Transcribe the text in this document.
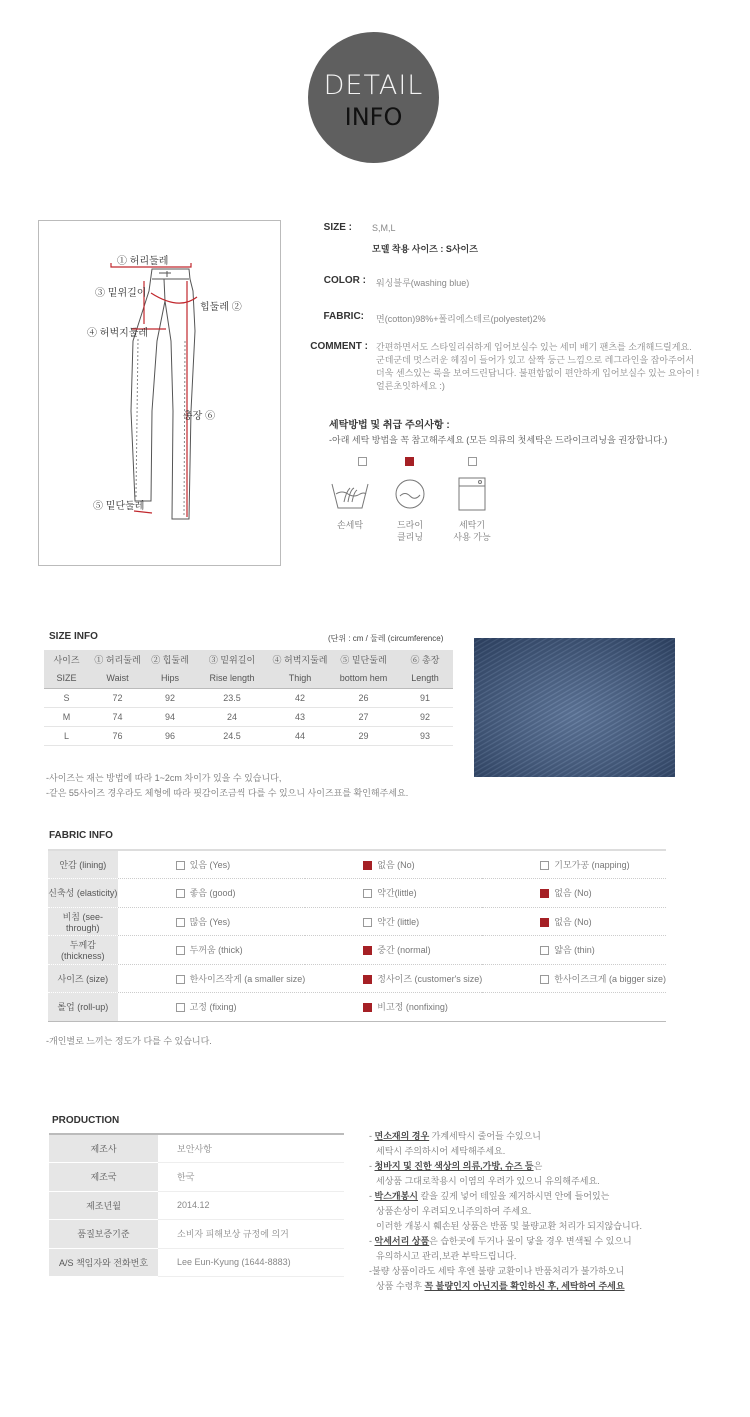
DETAIL
INFO
① 허리둘레
③ 밑위길이
힙둘레 ②
④ 허벅지둘레
총장 ⑥
⑤ 밑단둘레
SIZE : S,M,L
모델 착용 사이즈 : S사이즈
COLOR : 워싱블루(washing blue)
FABRIC: 면(cotton)98%+폴리에스테르(polyestet)2%
COMMENT : 간편하면서도 스타일리쉬하게 입어보실수 있는 세미 배기 팬츠를 소개해드릴게요.
군데군데 멋스러운 헤짐이 들어가 있고 살짝 둥근 느낌으로 레그라인을 잡아주어서
더욱 센스있는 룩을 보여드린답니다. 불편함없이 편안하게 입어보실수 있는 요아이 !
얼른초잇하세요 :)
세탁방법 및 취급 주의사항 :
-아래 세탁 방법을 꼭 참고해주세요 (모든 의류의 첫세탁은 드라이크리닝을 권장합니다.)
손세탁	드라이
클리닝
세탁기
사용 가능
SIZE INFO	(단위 : cm / 둘레 (circumference)
사이즈	① 허리둘레	② 힙둘레	③ 밑위길이	④ 허벅지둘레	⑤ 밑단둘레	⑥ 총장
SIZE	Waist	Hips	Rise length	Thigh	bottom hem	Length
S	72	92	23.5	42	26	91
M	74	94	24	43	27	92
L	76	96	24.5	44	29	93
-사이즈는 재는 방법에 따라 1~2cm 차이가 있을 수 있습니다,
-같은 55사이즈 경우라도 체형에 따라 핏감이조금씩 다를 수 있으니 사이즈표를 확인해주세요.
FABRIC INFO
안감 (lining)	있음 (Yes)	없음 (No)	기모가공 (napping)
신축성 (elasticity)	좋음 (good)	약간(little)	없음 (No)
비침 (see-through)	많음 (Yes)	약간 (little)	없음 (No)
두께감 (thickness)	두꺼움 (thick)	중간 (normal)	얇음 (thin)
사이즈 (size)	한사이즈작게 (a smaller size)	정사이즈 (customer's size)	한사이즈크게 (a bigger size)
롤업 (roll-up)	고정 (fixing)	비고정 (nonfixing)	
-개인별로 느끼는 정도가 다를 수 있습니다.
PRODUCTION
제조사	보안사항
제조국	한국
제조년월	2014.12
품질보증기준	소비자 피해보상 규정에 의거
A/S 책임자와 전화번호	Lee Eun-Kyung (1644-8883)
- 면소재의 경우 가계세탁시 줄어들 수있으니
세탁시 주의하시어 세탁해주세요.
- 청바지 및 진한 색상의 의류,가방, 슈즈 등은
세상품 그대로착용시 이염의 우려가 있으니 유의해주세요.
- 박스개봉시 칼을 깊게 넣어 테잎을 제거하시면 안에 들어있는
상품손상이 우려되오니주의하여 주세요.
이러한 개봉시 훼손된 상품은 반품 및 불량교환 처리가 되지않습니다.
- 악세서리 상품은 습한곳에 두거나 물이 닿을 경우 변색될 수 있으니
유의하시고 관리,보관 부탁드립니다.
-불량 상품이라도 세탁 후엔 불량 교환이나 반품처리가 불가하오니
상품 수령후 꼭 불량인지 아닌지를 확인하신 후, 세탁하여 주세요
